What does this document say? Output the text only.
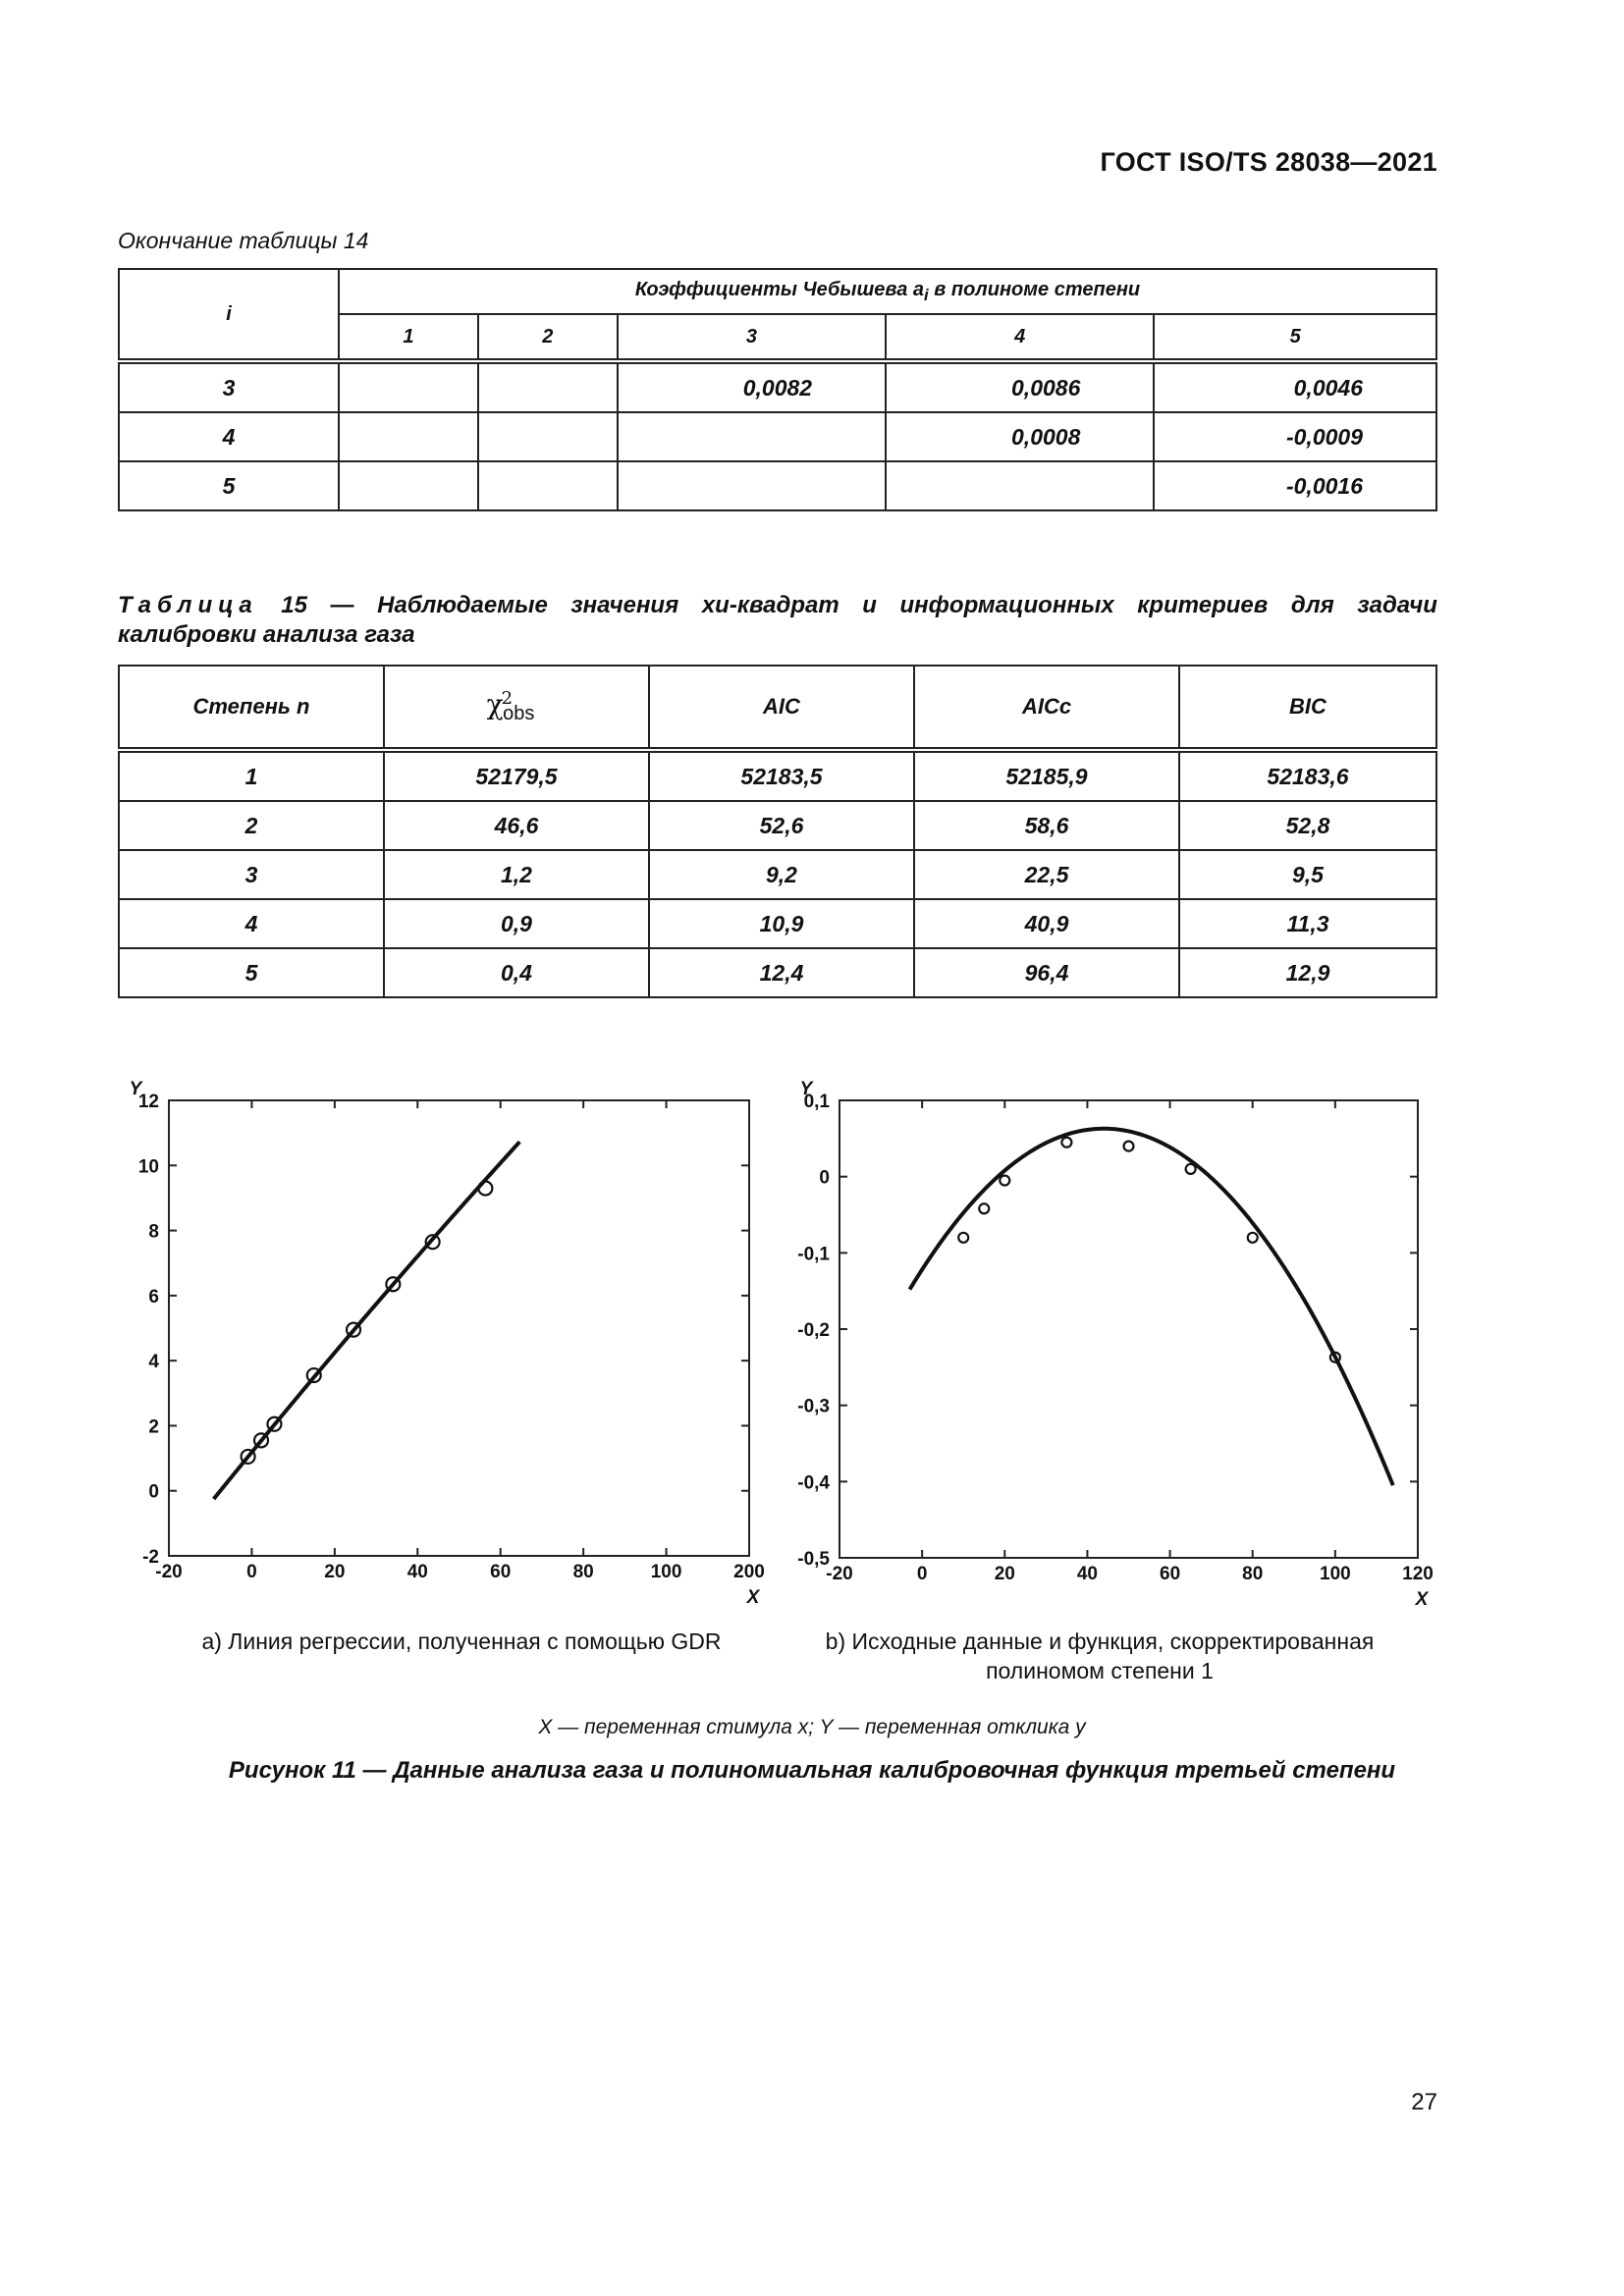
ГОСТ ISO/TS 28038—2021
Окончание таблицы 14
i	Коэффициенты Чебышева $a_i$ в полиноме степени				
	1	2	3	4	5
3			0,0082	0,0086	0,0046
4				0,0008	-0,0009
5					-0,0016
Таблица 15 — Наблюдаемые значения хи-квадрат и информационных критериев для задачи
калибровки анализа газа
Степень n	$\chi^2_{obs}$	AIC	AICc	BIC
1	52179,5	52183,5	52185,9	52183,6
2	46,6	52,6	58,6	52,8
3	1,2	9,2	22,5	9,5
4	0,9	10,9	40,9	11,3
5	0,4	12,4	96,4	12,9
-20	0	20	40	60	80	100	200
-2
0
2
4
6
8
10
12
Y
X
-20	0	20	40	60	80	100	120
-0,5
-0,4
-0,3
-0,2
-0,1
0
0,1
Y
X
а) Линия регрессии, полученная с помощью GDR	b) Исходные данные и функция, скорректированная
полиномом степени 1
X — переменная стимула x; Y — переменная отклика y
Рисунок 11 — Данные анализа газа и полиномиальная калибровочная функция третьей степени
27
